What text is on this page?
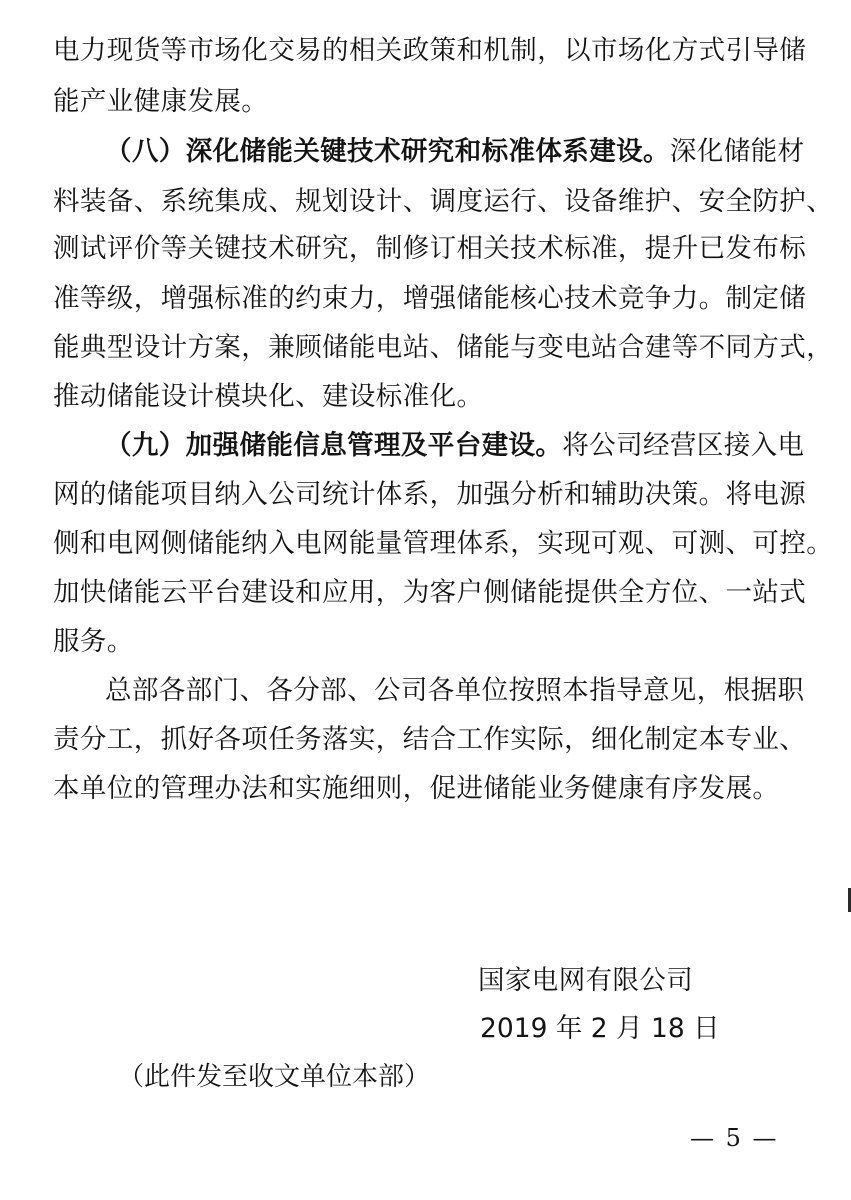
电力现货等市场化交易的相关政策和机制，以市场化方式引导储
能产业健康发展。
（八）深化储能关键技术研究和标准体系建设。深化储能材
料装备、系统集成、规划设计、调度运行、设备维护、安全防护、
测试评价等关键技术研究，制修订相关技术标准，提升已发布标
准等级，增强标准的约束力，增强储能核心技术竞争力。制定储
能典型设计方案，兼顾储能电站、储能与变电站合建等不同方式，
推动储能设计模块化、建设标准化。
（九）加强储能信息管理及平台建设。将公司经营区接入电
网的储能项目纳入公司统计体系，加强分析和辅助决策。将电源
侧和电网侧储能纳入电网能量管理体系，实现可观、可测、可控。
加快储能云平台建设和应用，为客户侧储能提供全方位、一站式
服务。
总部各部门、各分部、公司各单位按照本指导意见，根据职
责分工，抓好各项任务落实，结合工作实际，细化制定本专业、
本单位的管理办法和实施细则，促进储能业务健康有序发展。
国家电网有限公司
2019 年 2 月 18 日
（此件发至收文单位本部）
— 5 —
